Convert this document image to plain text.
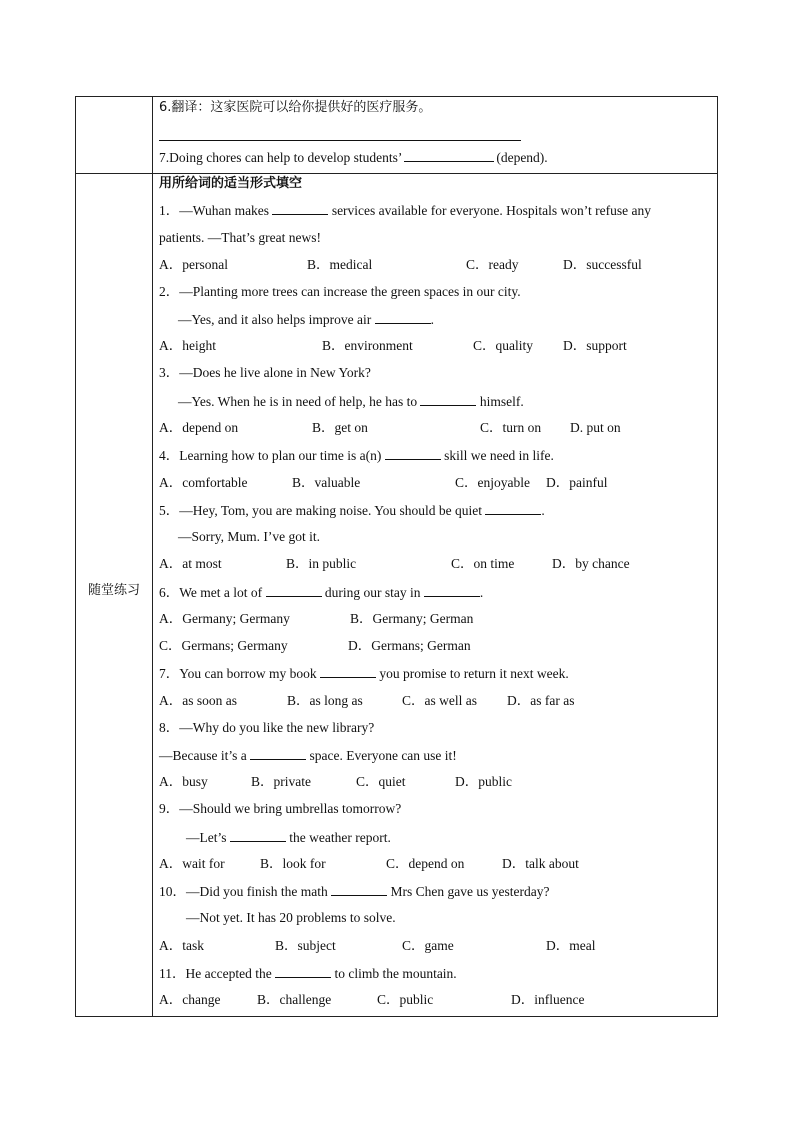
随堂练习
6.翻译：这家医院可以给你提供好的医疗服务。
7.Doing chores can help to develop students’	(depend).
用所给词的适当形式填空
1．—Wuhan makes	services available for everyone. Hospitals won’t refuse any
patients. —That’s great news!
A．personal	B．medical	C．ready	D．successful
2．—Planting more trees can increase the green spaces in our city.
—Yes, and it also helps improve air	.
A．height	B．environment	C．quality D．support
3．—Does he live alone in New York?
—Yes. When he is in need of help, he has to	himself.
A．depend on	B．get on	C．turn on D. put on
4．Learning how to plan our time is a(n)	skill we need in life.
A．comfortable	B．valuable	C．enjoyable D．painful
5．—Hey, Tom, you are making noise. You should be quiet	.
—Sorry, Mum. I’ve got it.
A．at most	B．in public	C．on time	D．by chance
6．We met a lot of	during our stay in	.
A．Germany; Germany	B．Germany; German
C．Germans; Germany	D．Germans; German
7．You can borrow my book	you promise to return it next week.
A．as soon as	B．as long as	C．as well as D．as far as
8．—Why do you like the new library?
—Because it’s a	space. Everyone can use it!
A．busy	B．private	C．quiet	D．public
9．—Should we bring umbrellas tomorrow?
—Let’s	the weather report.
A．wait for	B．look for	C．depend on	D．talk about
10．—Did you finish the math	Mrs Chen gave us yesterday?
—Not yet. It has 20 problems to solve.
A．task	B．subject	C．game	D．meal
11．He accepted the	to climb the mountain.
A．change	B．challenge	C．public	D．influence
